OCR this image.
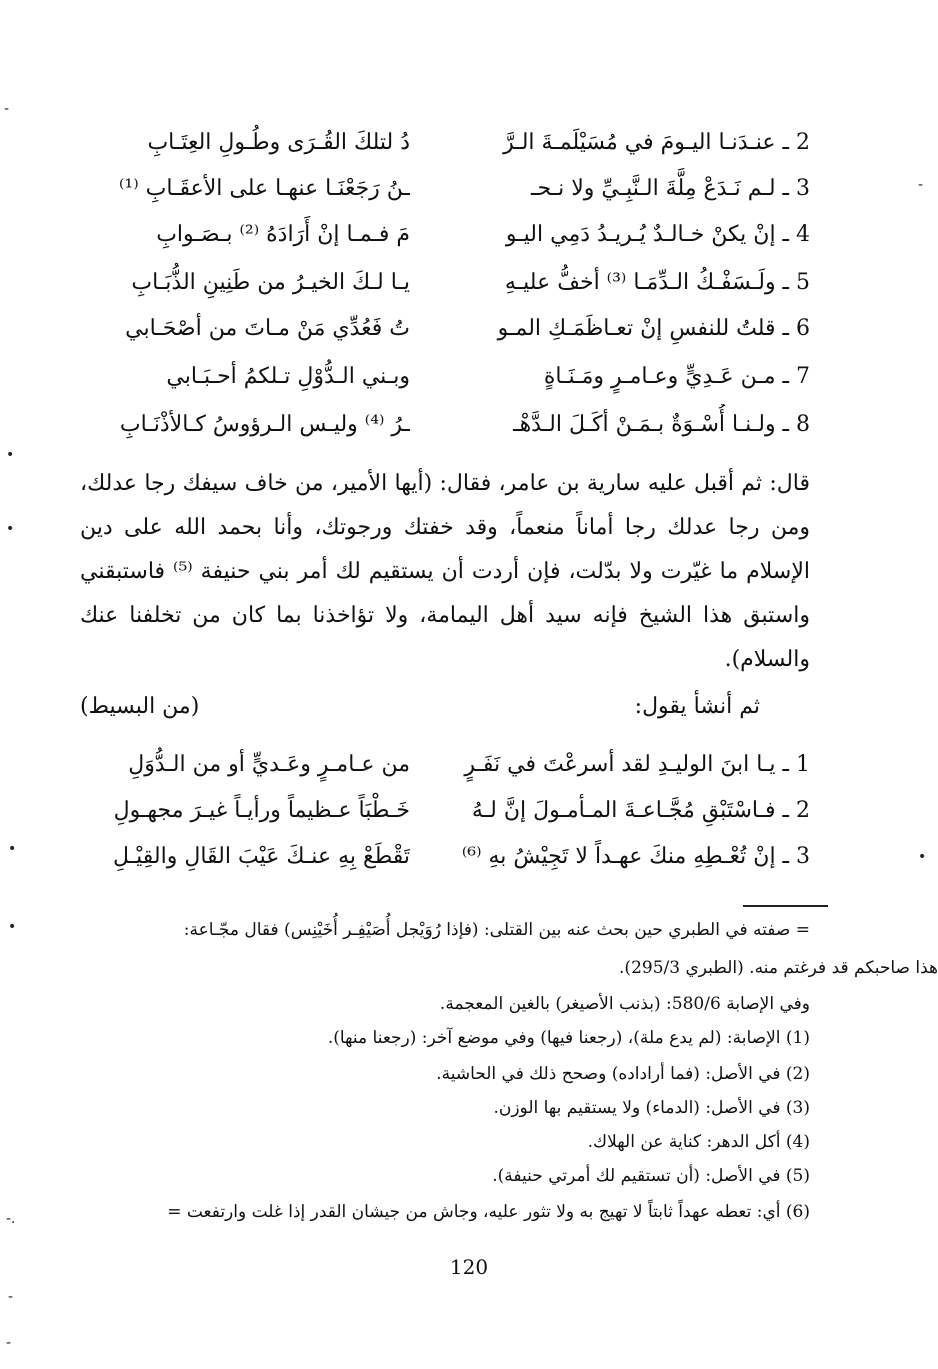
2 ـ عنـدَنـا اليـومَ في مُسَيْلَمـةَ الـرَّ
دُ لتلكَ القُـرَى وطُـولِ العِتَـابِ
3 ـ لـم نَـدَعْ مِلَّةَ الـنَّبِـيِّ ولا نـحـ
ـنُ رَجَعْنَـا عنهـا على الأعقَـابِ ⁽¹⁾
4 ـ إنْ يكنْ خـالـدٌ يُـريـدُ دَمِي اليـو
مَ فـمـا إنْ أَرَادَهُ ⁽²⁾ بـصَـوابِ
5 ـ ولَـسَفْـكُ الـدِّمَـا ⁽³⁾ أخفُّ عليـهِ
يـا لـكَ الخيـرُ من طَنِينِ الذُّبَـابِ
6 ـ قلتُ للنفسِ إنْ تعـاظَمَـكِ المـو
تُ فَعُدِّي مَنْ مـاتَ من أصْحَـابي
7 ـ مـن عَـدِيٍّ وعـامـرٍ ومَـنَـاةٍ
وبـني الـدُّوْلِ تـلكمُ أحـبَـابي
8 ـ ولـنـا أُسْـوَةٌ بـمَـنْ أكَـلَ الـدَّهْـ
ـرُ ⁽⁴⁾ وليـس الـرؤوسُ كـالأذْنَـابِ

قال: ثم أقبل عليه سارية بن عامر، فقال: (أيها الأمير، من خاف سيفك رجا عدلك، ومن رجا عدلك رجا أماناً منعماً، وقد خفتك ورجوتك، وأنا بحمد الله على دين الإسلام ما غيّرت ولا بدّلت، فإن أردت أن يستقيم لك أمر بني حنيفة ⁽⁵⁾ فاستبقني واستبق هذا الشيخ فإنه سيد أهل اليمامة، ولا تؤاخذنا بما كان من تخلفنا عنك والسلام).

ثم أنشأ يقول:
(من البسيط)
1 ـ يـا ابنَ الوليـدِ لقد أسرعْتَ في نَفَـرٍ
من عـامـرٍ وعَـديٍّ أو من الـدُّوَلِ
2 ـ فـاسْتَبْقِ مُجَّـاعـةَ المـأمـولَ إنَّ لـهُ
خَـطْبَاً عـظيماً ورأيـاً غيـرَ مجهـولِ
3 ـ إنْ تُعْـطِهِ منكَ عهـداً لا تَجِيْشُ بهِ ⁽⁶⁾
تَقْطَعْ بِهِ عنـكَ عَيْبَ القَالِ والقِيْـلِ
= صفته في الطبري حين بحث عنه بين القتلى: (فإذا رُوَيْجل أُصَيْفِـر أُخَيْنِس) فقال مجّـاعة:
هذا صاحبكم قد فرغتم منه. (الطبري 295/3).
وفي الإصابة 580/6: (بذنب الأصيغر) بالغين المعجمة.
(1) الإصابة: (لم يدع ملة)، (رجعنا فيها) وفي موضع آخر: (رجعنا منها).
(2) في الأصل: (فما أراداده) وصحح ذلك في الحاشية.
(3) في الأصل: (الدماء) ولا يستقيم بها الوزن.
(4) أكل الدهر: كناية عن الهلاك.
(5) في الأصل: (أن تستقيم لك أمرتي حنيفة).
(6) أي: تعطه عهداً ثابتاً لا تهيج به ولا تثور عليه، وجاش من جيشان القدر إذا غلت وارتفعت =
120
-
•
•
•
•
•
-
-.
-
-
